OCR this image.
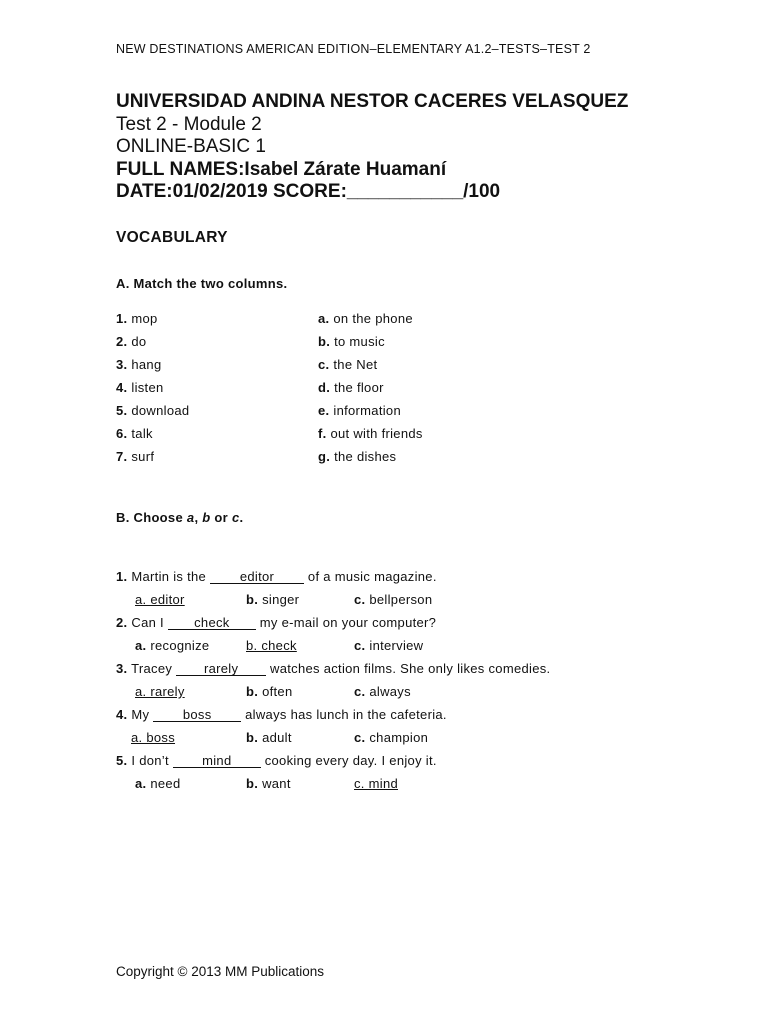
NEW DESTINATIONS AMERICAN EDITION–ELEMENTARY A1.2–TESTS–TEST 2
UNIVERSIDAD ANDINA NESTOR CACERES VELASQUEZ
Test 2 - Module 2
ONLINE-BASIC 1
FULL NAMES:Isabel Zárate Huamaní
DATE:01/02/2019 SCORE:___________/100
VOCABULARY
A. Match the two columns.
1. mop	a. on the phone
2. do	b. to music
3. hang	c. the Net
4. listen	d. the floor
5. download	e. information
6. talk	f. out with friends
7. surf	g. the dishes
B. Choose a, b or c.
1. Martin is the editor of a music magazine.
a. editor	b. singer	c. bellperson
2. Can I check my e-mail on your computer?
a. recognize	b. check	c. interview
3. Tracey rarely watches action films. She only likes comedies.
a. rarely	b. often	c. always
4. My boss always has lunch in the cafeteria.
a. boss	b. adult	c. champion
5. I don’t mind cooking every day. I enjoy it.
a. need	b. want	c. mind
Copyright © 2013 MM Publications
